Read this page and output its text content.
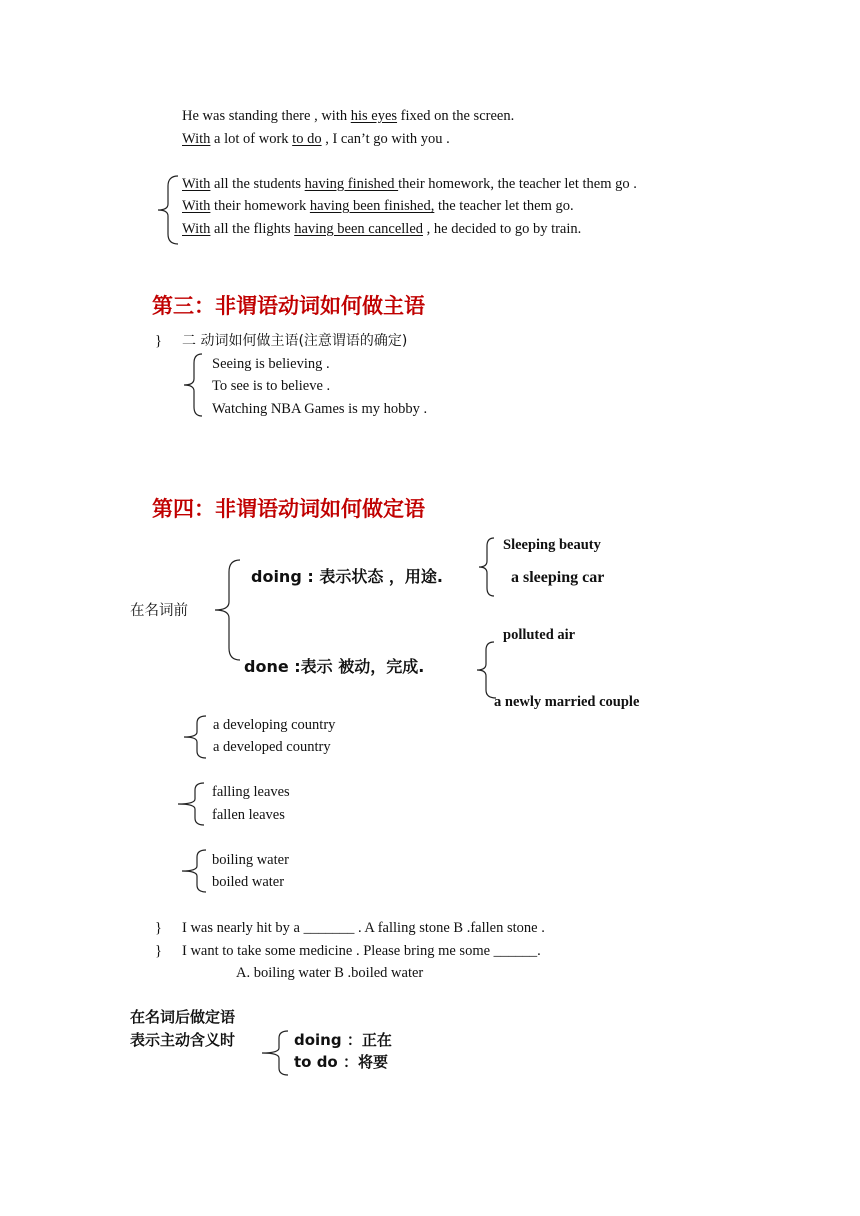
He was standing there , with his eyes fixed on the screen.
With a lot of work to do , I can’t go with you .
With all the students having finished their homework, the teacher let them go .
With their homework having been finished, the teacher let them go.
With all the flights having been cancelled , he decided to go by train.
第三：非谓语动词如何做主语
} 二 动词如何做主语(注意谓语的确定)
Seeing is believing .
To see is to believe .
Watching NBA Games is my hobby .
第四：非谓语动词如何做定语
Sleeping beauty
doing : 表示状态 ，用途.	a sleeping car
在名词前
polluted air
done :表示 被动，完成.
a newly married couple
a developing country
a developed country
falling leaves
fallen leaves
boiling water
boiled water
} I was nearly hit by a _______ . A falling stone B .fallen stone .
} I want to take some medicine . Please bring me some ______.
A. boiling water B .boiled water
在名词后做定语
表示主动含义时	doing ：正在
to do ：将要
